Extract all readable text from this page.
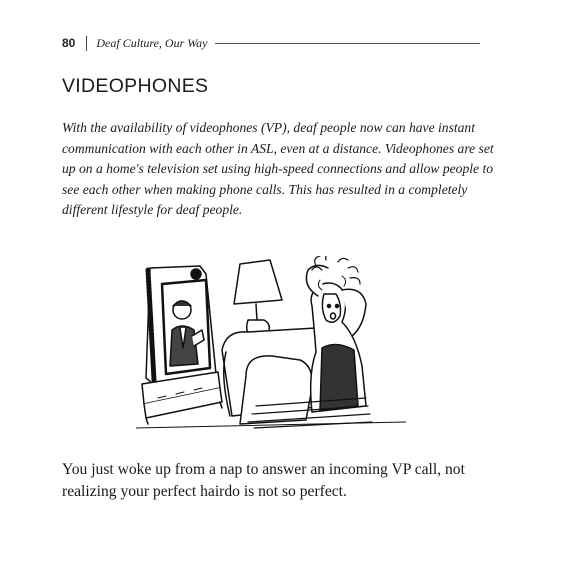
80 Deaf Culture, Our Way
VIDEOPHONES

With the availability of videophones (VP), deaf people now can have instant communication with each other in ASL, even at a distance. Videophones are set up on a home's television set using high-speed connections and allow people to see each other when making phone calls. This has resulted in a completely different lifestyle for deaf people.

You just woke up from a nap to answer an incoming VP call, not realizing your perfect hairdo is not so perfect.
